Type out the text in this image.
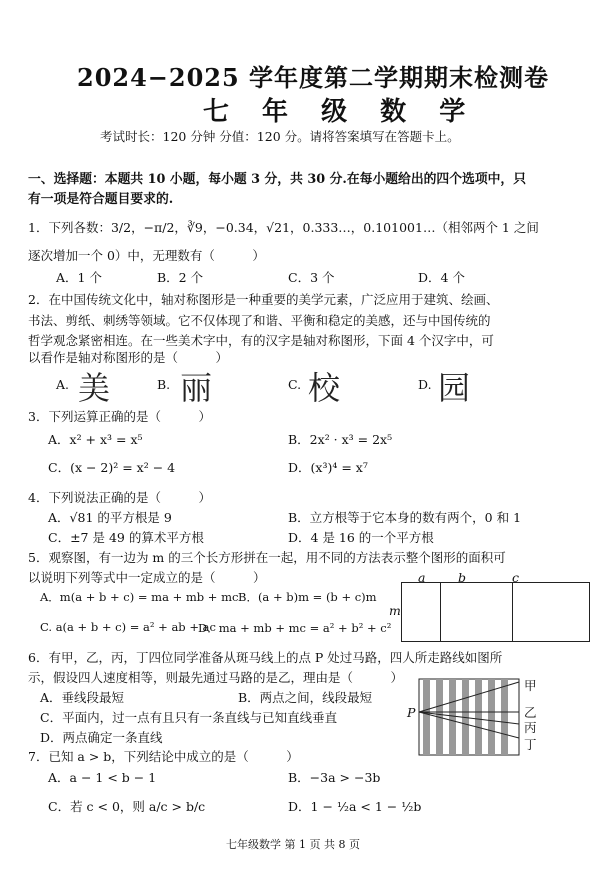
2024−2025 学年度第二学期期末检测卷
七 年 级 数 学
考试时长：120 分钟 分值：120 分。请将答案填写在答题卡上。
一、选择题：本题共 10 小题，每小题 3 分，共 30 分.在每小题给出的四个选项中，只
有一项是符合题目要求的.
1．下列各数：3/2，−π/2，∛9，−0.34，√21，0.333…，0.101001…（相邻两个 1 之间
逐次增加一个 0）中，无理数有（　　　）
A．1 个	B．2 个	C．3 个	D．4 个
2．在中国传统文化中，轴对称图形是一种重要的美学元素，广泛应用于建筑、绘画、
书法、剪纸、刺绣等领域。它不仅体现了和谐、平衡和稳定的美感，还与中国传统的
哲学观念紧密相连。在一些美术字中，有的汉字是轴对称图形，下面 4 个汉字中，可
以看作是轴对称图形的是（　　　）
A. 美	B. 丽	C. 校	D. 园
3．下列运算正确的是（　　　）
A．x² + x³ = x⁵	B．2x² · x³ = 2x⁵
C．(x − 2)² = x² − 4	D．(x³)⁴ = x⁷
4．下列说法正确的是（　　　）
A．√81 的平方根是 9	B．立方根等于它本身的数有两个，0 和 1
C．±7 是 49 的算术平方根	D．4 是 16 的一个平方根
5．观察图，有一边为 m 的三个长方形拼在一起，用不同的方法表示整个图形的面积可
以说明下列等式中一定成立的是（　　　）
A．m(a + b + c) = ma + mb + mc B．(a + b)m = (b + c)m
C. a(a + b + c) = a² + ab + ac
D．ma + mb + mc = a² + b² + c²
a	b	c
m
6．有甲，乙，丙，丁四位同学准备从斑马线上的点 P 处过马路，四人所走路线如图所
示，假设四人速度相等，则最先通过马路的是乙，理由是（　　　）
A．垂线段最短	B．两点之间，线段最短
C．平面内，过一点有且只有一条直线与已知直线垂直
D．两点确定一条直线
P
甲
乙
丙
丁
7．已知 a > b，下列结论中成立的是（　　　）
A．a − 1 < b − 1	B．−3a > −3b
C．若 c < 0，则 a/c > b/c	D．1 − ½a < 1 − ½b
七年级数学 第 1 页 共 8 页
